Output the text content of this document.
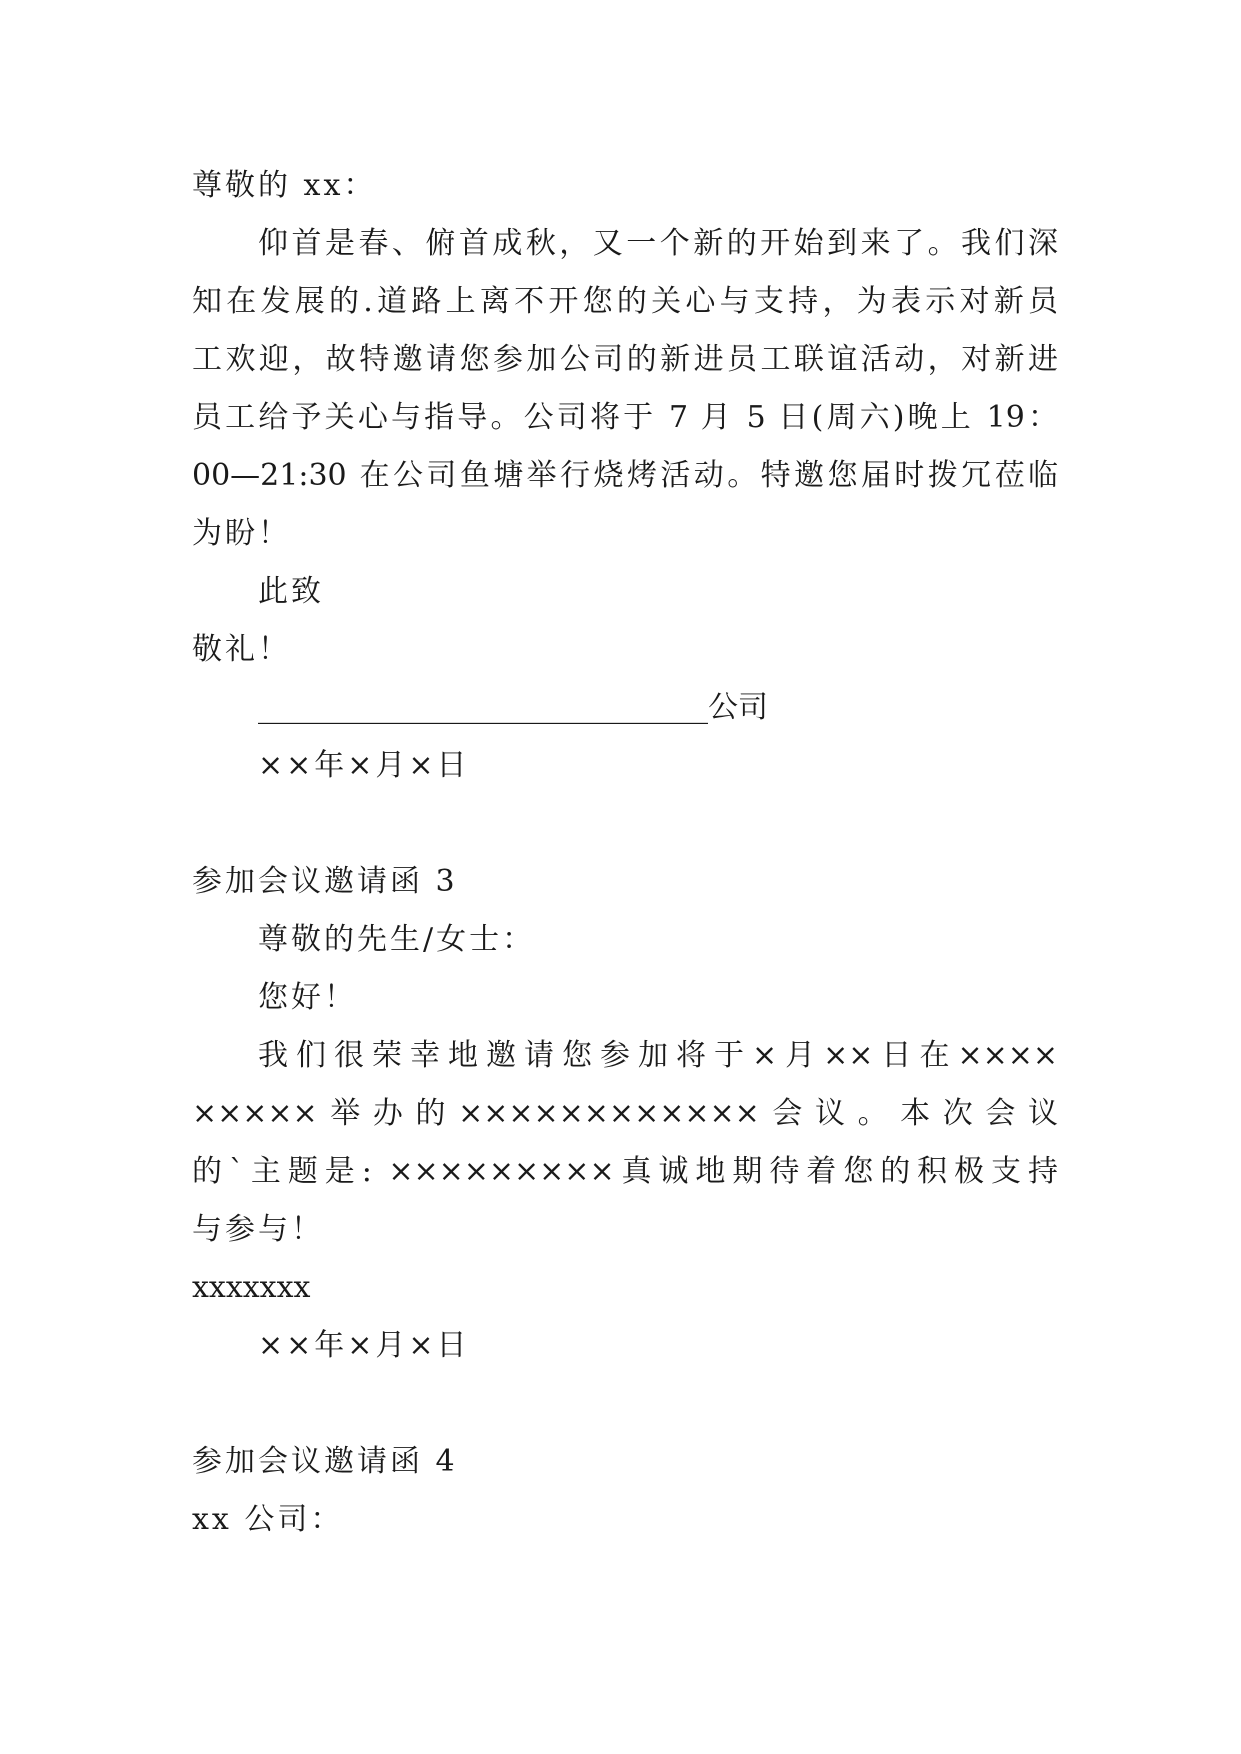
尊敬的 xx：
仰首是春、俯首成秋，又一个新的开始到来了。我们深
知在发展的.道路上离不开您的关心与支持，为表示对新员
工欢迎，故特邀请您参加公司的新进员工联谊活动，对新进
员工给予关心与指导。公司将于 7 月 5 日(周六)晚上 19：
00—21:30 在公司鱼塘举行烧烤活动。特邀您届时拨冗莅临
为盼！
此致
敬礼！
______________________________公司
××年×月×日
参加会议邀请函 3
尊敬的先生/女士：
您好！
我们很荣幸地邀请您参加将于×月××日在××××
×××××举办的××××××××××××会议。本次会议
的`主题是: ×××××××××真诚地期待着您的积极支持
与参与！
xxxxxxx
××年×月×日
参加会议邀请函 4
xx 公司：
